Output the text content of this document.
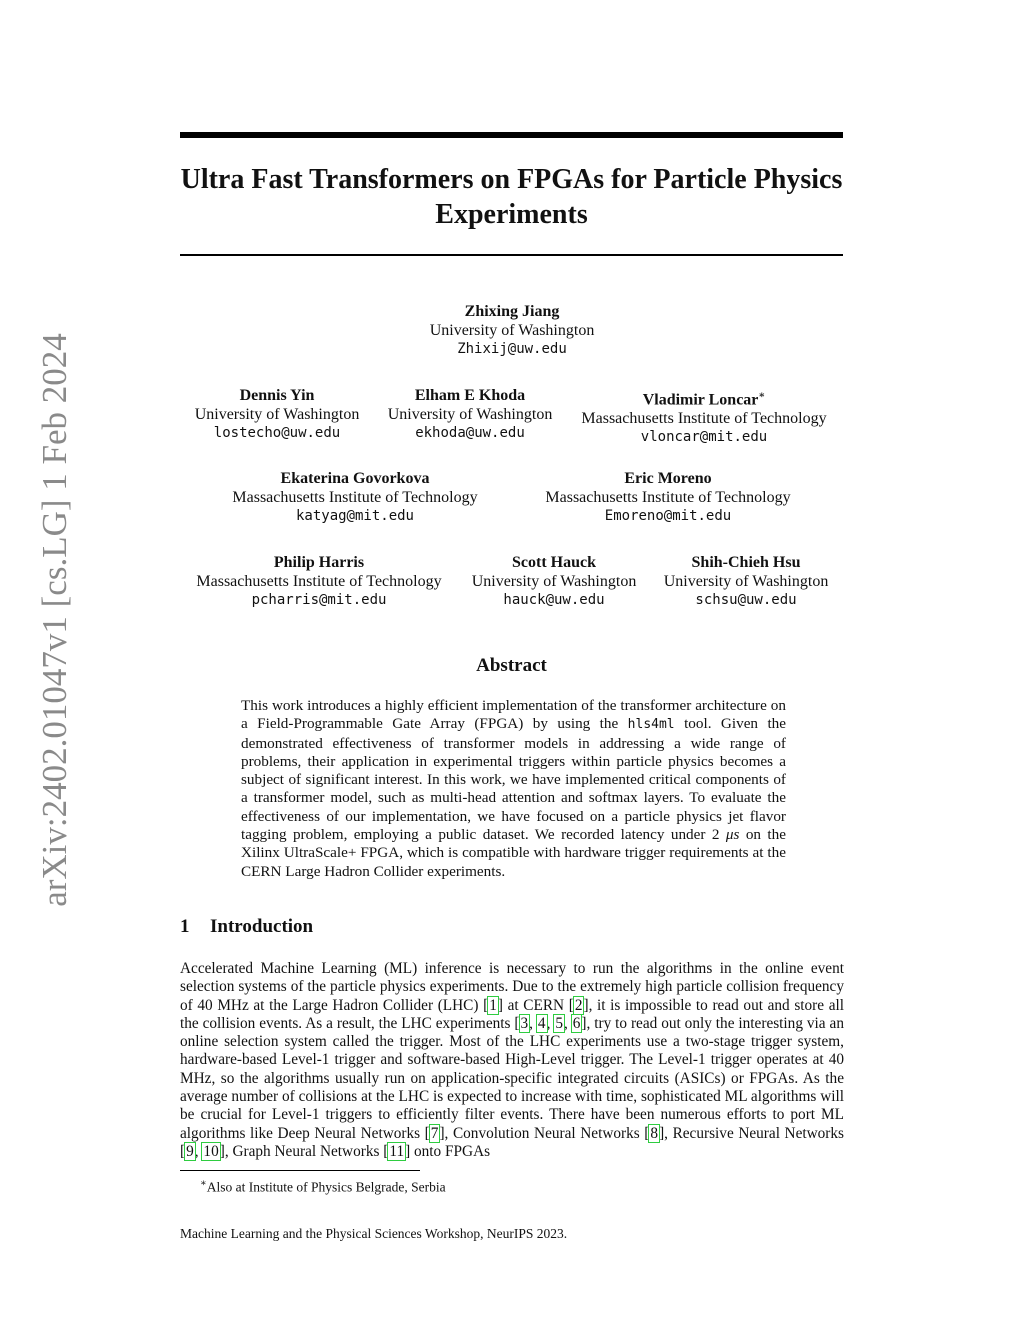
arXiv:2402.01047v1 [cs.LG] 1 Feb 2024
Ultra Fast Transformers on FPGAs for Particle Physics Experiments
Zhixing Jiang
University of Washington
Zhixij@uw.edu
Dennis Yin
University of Washington
lostecho@uw.edu
Elham E Khoda
University of Washington
ekhoda@uw.edu
Vladimir Loncar∗
Massachusetts Institute of Technology
vloncar@mit.edu
Ekaterina Govorkova
Massachusetts Institute of Technology
katyag@mit.edu
Eric Moreno
Massachusetts Institute of Technology
Emoreno@mit.edu
Philip Harris
Massachusetts Institute of Technology
pcharris@mit.edu
Scott Hauck
University of Washington
hauck@uw.edu
Shih-Chieh Hsu
University of Washington
schsu@uw.edu
Abstract
This work introduces a highly efficient implementation of the transformer architecture on a Field-Programmable Gate Array (FPGA) by using the hls4ml tool. Given the demonstrated effectiveness of transformer models in addressing a wide range of problems, their application in experimental triggers within particle physics becomes a subject of significant interest. In this work, we have implemented critical components of a transformer model, such as multi-head attention and softmax layers. To evaluate the effectiveness of our implementation, we have focused on a particle physics jet flavor tagging problem, employing a public dataset. We recorded latency under 2 μs on the Xilinx UltraScale+ FPGA, which is compatible with hardware trigger requirements at the CERN Large Hadron Collider experiments.
1 Introduction
Accelerated Machine Learning (ML) inference is necessary to run the algorithms in the online event selection systems of the particle physics experiments. Due to the extremely high particle collision frequency of 40 MHz at the Large Hadron Collider (LHC) [1] at CERN [2], it is impossible to read out and store all the collision events. As a result, the LHC experiments [3, 4, 5, 6], try to read out only the interesting via an online selection system called the trigger. Most of the LHC experiments use a two-stage trigger system, hardware-based Level-1 trigger and software-based High-Level trigger. The Level-1 trigger operates at 40 MHz, so the algorithms usually run on application-specific integrated circuits (ASICs) or FPGAs. As the average number of collisions at the LHC is expected to increase with time, sophisticated ML algorithms will be crucial for Level-1 triggers to efficiently filter events. There have been numerous efforts to port ML algorithms like Deep Neural Networks [7], Convolution Neural Networks [8], Recursive Neural Networks [9, 10], Graph Neural Networks [11] onto FPGAs
∗Also at Institute of Physics Belgrade, Serbia
Machine Learning and the Physical Sciences Workshop, NeurIPS 2023.
